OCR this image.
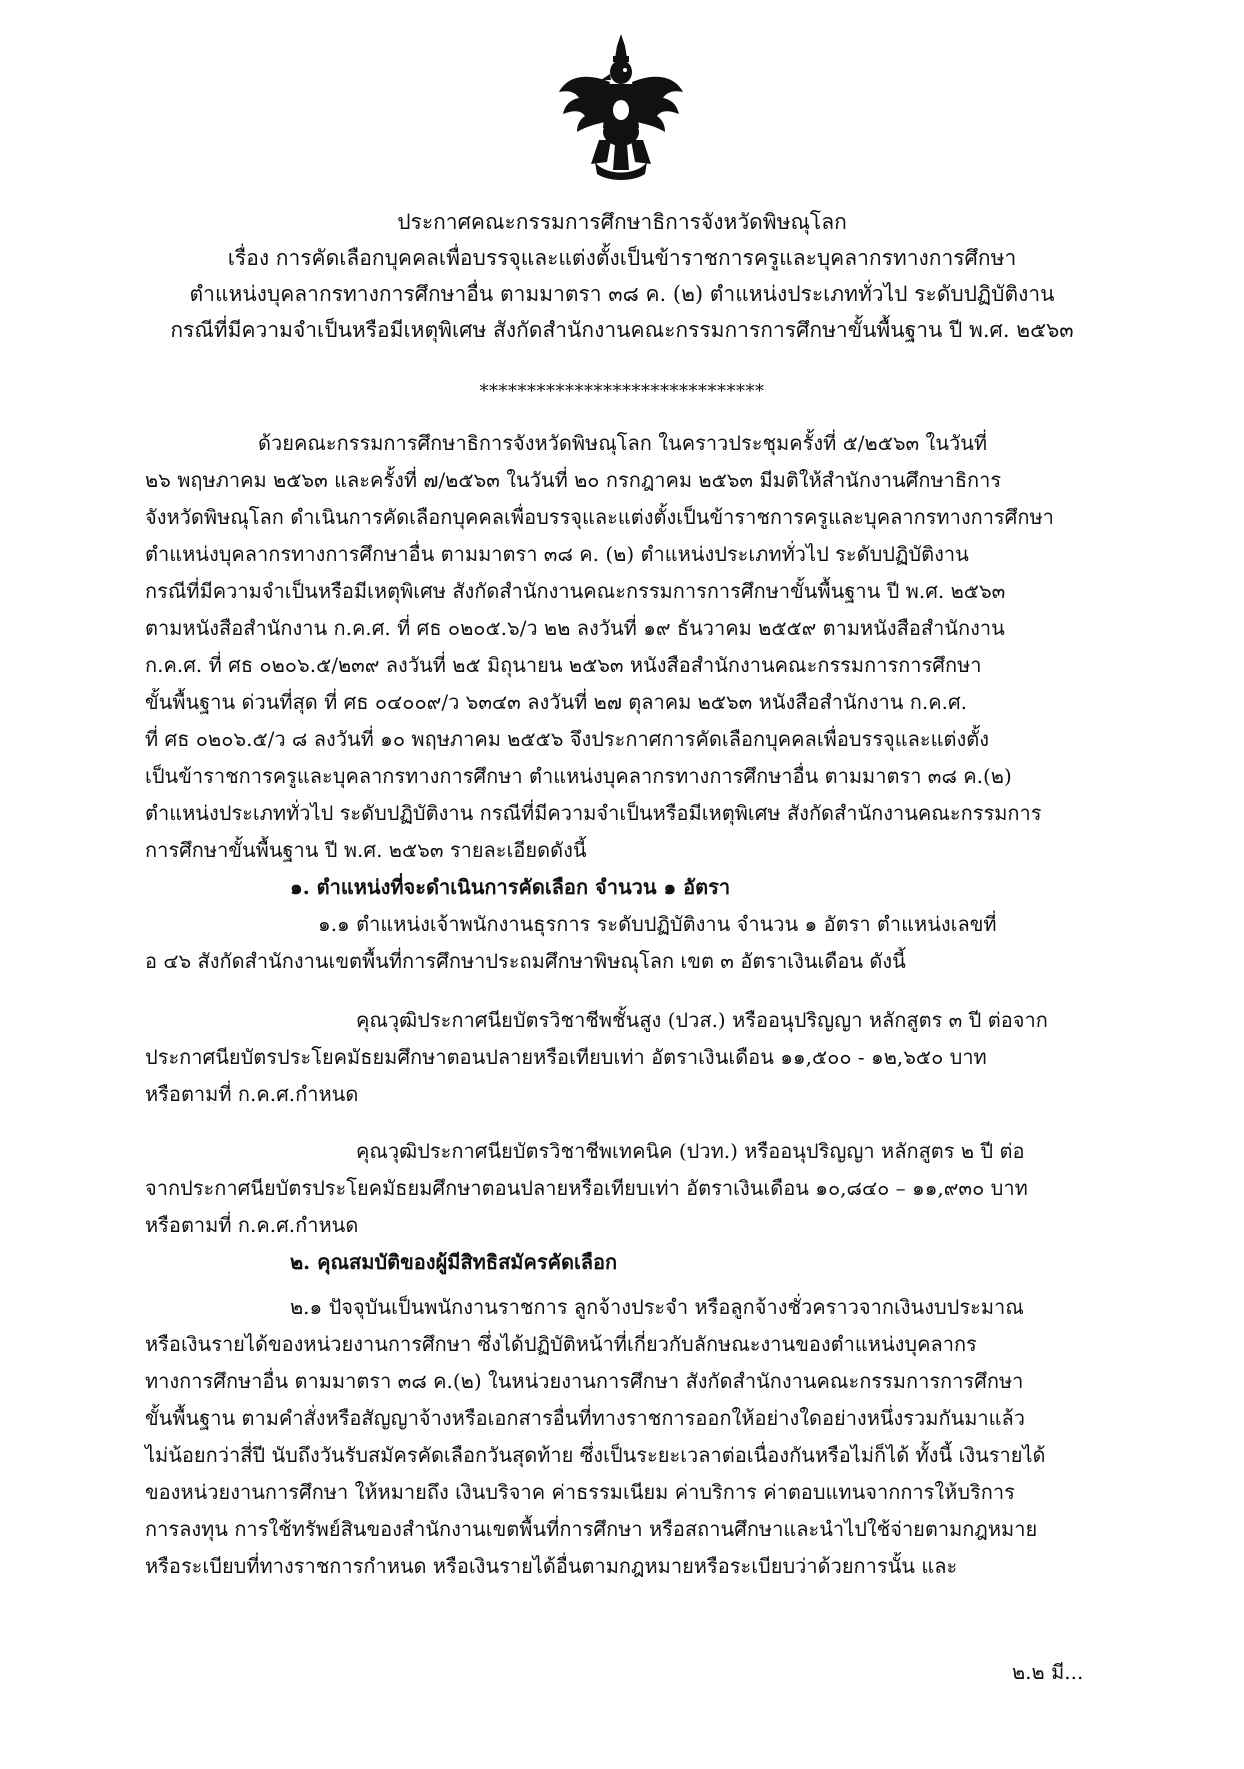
ประกาศคณะกรรมการศึกษาธิการจังหวัดพิษณุโลก
เรื่อง การคัดเลือกบุคคลเพื่อบรรจุและแต่งตั้งเป็นข้าราชการครูและบุคลากรทางการศึกษา
ตำแหน่งบุคลากรทางการศึกษาอื่น ตามมาตรา ๓๘ ค. (๒) ตำแหน่งประเภททั่วไป ระดับปฏิบัติงาน
กรณีที่มีความจำเป็นหรือมีเหตุพิเศษ สังกัดสำนักงานคณะกรรมการการศึกษาขั้นพื้นฐาน ปี พ.ศ. ๒๕๖๓
******************************
ด้วยคณะกรรมการศึกษาธิการจังหวัดพิษณุโลก ในคราวประชุมครั้งที่ ๕/๒๕๖๓ ในวันที่
๒๖ พฤษภาคม ๒๕๖๓ และครั้งที่ ๗/๒๕๖๓ ในวันที่ ๒๐ กรกฎาคม ๒๕๖๓ มีมติให้สำนักงานศึกษาธิการ
จังหวัดพิษณุโลก ดำเนินการคัดเลือกบุคคลเพื่อบรรจุและแต่งตั้งเป็นข้าราชการครูและบุคลากรทางการศึกษา
ตำแหน่งบุคลากรทางการศึกษาอื่น ตามมาตรา ๓๘ ค. (๒) ตำแหน่งประเภททั่วไป ระดับปฏิบัติงาน
กรณีที่มีความจำเป็นหรือมีเหตุพิเศษ สังกัดสำนักงานคณะกรรมการการศึกษาขั้นพื้นฐาน ปี พ.ศ. ๒๕๖๓
ตามหนังสือสำนักงาน ก.ค.ศ. ที่ ศธ ๐๒๐๕.๖/ว ๒๒ ลงวันที่ ๑๙ ธันวาคม ๒๕๕๙ ตามหนังสือสำนักงาน
ก.ค.ศ. ที่ ศธ ๐๒๐๖.๕/๒๓๙ ลงวันที่ ๒๕ มิถุนายน ๒๕๖๓ หนังสือสำนักงานคณะกรรมการการศึกษา
ขั้นพื้นฐาน ด่วนที่สุด ที่ ศธ ๐๔๐๐๙/ว ๖๓๔๓ ลงวันที่ ๒๗ ตุลาคม ๒๕๖๓ หนังสือสำนักงาน ก.ค.ศ.
ที่ ศธ ๐๒๐๖.๕/ว ๘ ลงวันที่ ๑๐ พฤษภาคม ๒๕๕๖ จึงประกาศการคัดเลือกบุคคลเพื่อบรรจุและแต่งตั้ง
เป็นข้าราชการครูและบุคลากรทางการศึกษา ตำแหน่งบุคลากรทางการศึกษาอื่น ตามมาตรา ๓๘ ค.(๒)
ตำแหน่งประเภททั่วไป ระดับปฏิบัติงาน กรณีที่มีความจำเป็นหรือมีเหตุพิเศษ สังกัดสำนักงานคณะกรรมการ
การศึกษาขั้นพื้นฐาน ปี พ.ศ. ๒๕๖๓ รายละเอียดดังนี้
๑. ตำแหน่งที่จะดำเนินการคัดเลือก จำนวน ๑ อัตรา
๑.๑ ตำแหน่งเจ้าพนักงานธุรการ ระดับปฏิบัติงาน จำนวน ๑ อัตรา ตำแหน่งเลขที่
อ ๔๖ สังกัดสำนักงานเขตพื้นที่การศึกษาประถมศึกษาพิษณุโลก เขต ๓ อัตราเงินเดือน ดังนี้
คุณวุฒิประกาศนียบัตรวิชาชีพชั้นสูง (ปวส.) หรืออนุปริญญา หลักสูตร ๓ ปี ต่อจาก
ประกาศนียบัตรประโยคมัธยมศึกษาตอนปลายหรือเทียบเท่า อัตราเงินเดือน ๑๑,๕๐๐ - ๑๒,๖๕๐ บาท
หรือตามที่ ก.ค.ศ.กำหนด
คุณวุฒิประกาศนียบัตรวิชาชีพเทคนิค (ปวท.) หรืออนุปริญญา หลักสูตร ๒ ปี ต่อ
จากประกาศนียบัตรประโยคมัธยมศึกษาตอนปลายหรือเทียบเท่า อัตราเงินเดือน ๑๐,๘๔๐ – ๑๑,๙๓๐ บาท
หรือตามที่ ก.ค.ศ.กำหนด
๒. คุณสมบัติของผู้มีสิทธิสมัครคัดเลือก
๒.๑ ปัจจุบันเป็นพนักงานราชการ ลูกจ้างประจำ หรือลูกจ้างชั่วคราวจากเงินงบประมาณ
หรือเงินรายได้ของหน่วยงานการศึกษา ซึ่งได้ปฏิบัติหน้าที่เกี่ยวกับลักษณะงานของตำแหน่งบุคลากร
ทางการศึกษาอื่น ตามมาตรา ๓๘ ค.(๒) ในหน่วยงานการศึกษา สังกัดสำนักงานคณะกรรมการการศึกษา
ขั้นพื้นฐาน ตามคำสั่งหรือสัญญาจ้างหรือเอกสารอื่นที่ทางราชการออกให้อย่างใดอย่างหนึ่งรวมกันมาแล้ว
ไม่น้อยกว่าสี่ปี นับถึงวันรับสมัครคัดเลือกวันสุดท้าย ซึ่งเป็นระยะเวลาต่อเนื่องกันหรือไม่ก็ได้ ทั้งนี้ เงินรายได้
ของหน่วยงานการศึกษา ให้หมายถึง เงินบริจาค ค่าธรรมเนียม ค่าบริการ ค่าตอบแทนจากการให้บริการ
การลงทุน การใช้ทรัพย์สินของสำนักงานเขตพื้นที่การศึกษา หรือสถานศึกษาและนำไปใช้จ่ายตามกฎหมาย
หรือระเบียบที่ทางราชการกำหนด หรือเงินรายได้อื่นตามกฎหมายหรือระเบียบว่าด้วยการนั้น และ
๒.๒ มี...
